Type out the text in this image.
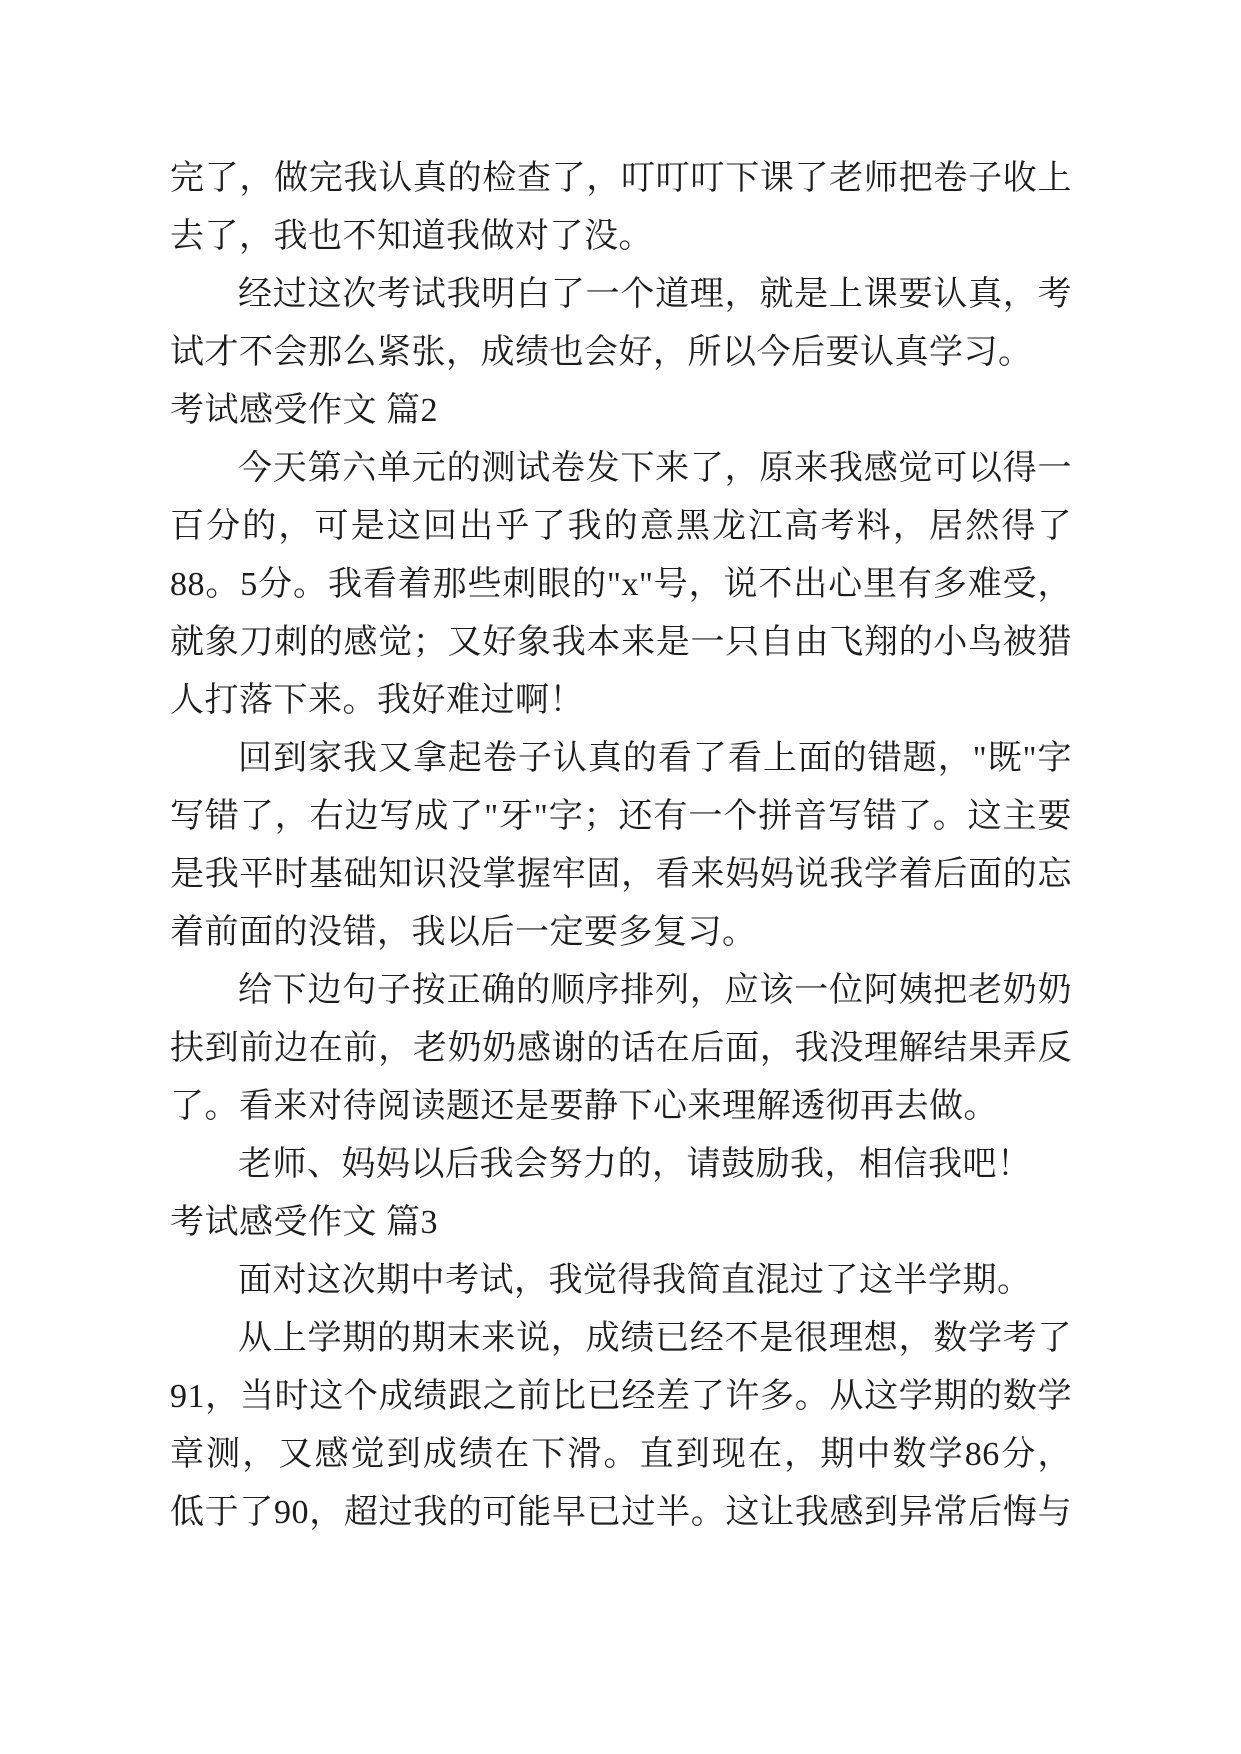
完了，做完我认真的检查了，叮叮叮下课了老师把卷子收上
去了，我也不知道我做对了没。
经过这次考试我明白了一个道理，就是上课要认真，考
试才不会那么紧张，成绩也会好，所以今后要认真学习。
考试感受作文 篇2
今天第六单元的测试卷发下来了，原来我感觉可以得一
百分的，可是这回出乎了我的意黑龙江高考料，居然得了
88。5分。我看着那些刺眼的"x"号，说不出心里有多难受，
就象刀刺的感觉；又好象我本来是一只自由飞翔的小鸟被猎
人打落下来。我好难过啊！
回到家我又拿起卷子认真的看了看上面的错题，"既"字
写错了，右边写成了"牙"字；还有一个拼音写错了。这主要
是我平时基础知识没掌握牢固，看来妈妈说我学着后面的忘
着前面的没错，我以后一定要多复习。
给下边句子按正确的顺序排列，应该一位阿姨把老奶奶
扶到前边在前，老奶奶感谢的话在后面，我没理解结果弄反
了。看来对待阅读题还是要静下心来理解透彻再去做。
老师、妈妈以后我会努力的，请鼓励我，相信我吧！
考试感受作文 篇3
面对这次期中考试，我觉得我简直混过了这半学期。
从上学期的期末来说，成绩已经不是很理想，数学考了
91，当时这个成绩跟之前比已经差了许多。从这学期的数学
章测，又感觉到成绩在下滑。直到现在，期中数学86分，
低于了90，超过我的可能早已过半。这让我感到异常后悔与
